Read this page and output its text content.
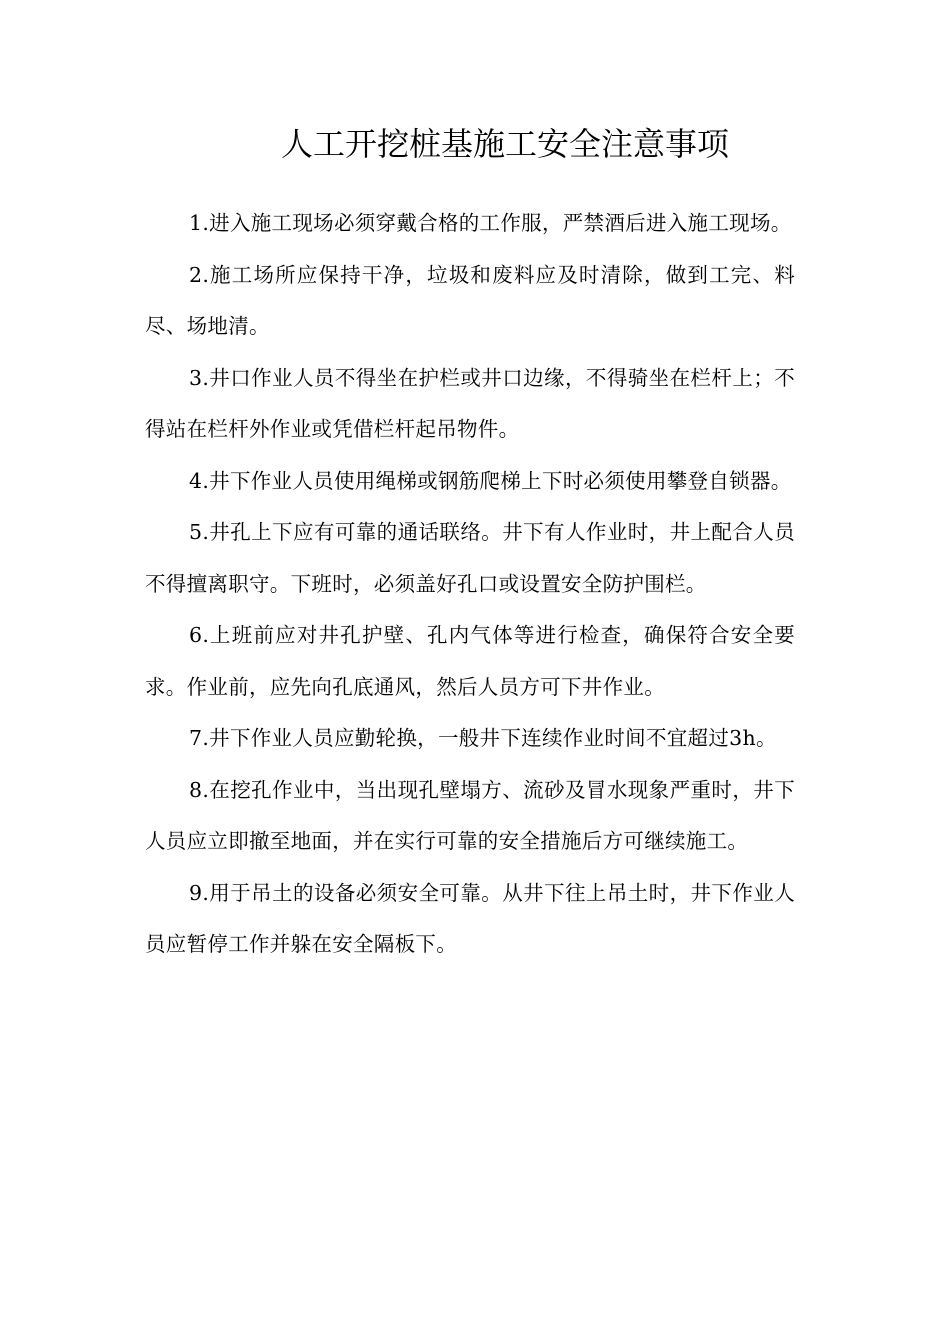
人工开挖桩基施工安全注意事项

1.进入施工现场必须穿戴合格的工作服，严禁酒后进入施工现场。

2.施工场所应保持干净，垃圾和废料应及时清除，做到工完、料尽、场地清。

3.井口作业人员不得坐在护栏或井口边缘，不得骑坐在栏杆上；不得站在栏杆外作业或凭借栏杆起吊物件。

4.井下作业人员使用绳梯或钢筋爬梯上下时必须使用攀登自锁器。

5.井孔上下应有可靠的通话联络。井下有人作业时，井上配合人员不得擅离职守。下班时，必须盖好孔口或设置安全防护围栏。

6.上班前应对井孔护壁、孔内气体等进行检查，确保符合安全要求。作业前，应先向孔底通风，然后人员方可下井作业。

7.井下作业人员应勤轮换，一般井下连续作业时间不宜超过3h。

8.在挖孔作业中，当出现孔壁塌方、流砂及冒水现象严重时，井下人员应立即撤至地面，并在实行可靠的安全措施后方可继续施工。

9.用于吊土的设备必须安全可靠。从井下往上吊土时，井下作业人员应暂停工作并躲在安全隔板下。
